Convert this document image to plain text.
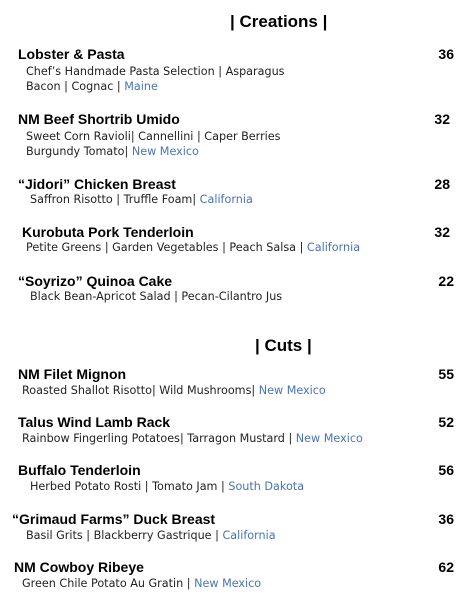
| Creations |
Lobster & Pasta	36
Chef’s Handmade Pasta Selection | Asparagus
Bacon | Cognac | Maine
NM Beef Shortrib Umido	32
Sweet Corn Ravioli| Cannellini | Caper Berries
Burgundy Tomato| New Mexico
“Jidori” Chicken Breast	28
Saffron Risotto | Truffle Foam| California
Kurobuta Pork Tenderloin	32
Petite Greens | Garden Vegetables | Peach Salsa | California
“Soyrizo” Quinoa Cake	22
Black Bean-Apricot Salad | Pecan-Cilantro Jus
| Cuts |
NM Filet Mignon	55
Roasted Shallot Risotto| Wild Mushrooms| New Mexico
Talus Wind Lamb Rack	52
Rainbow Fingerling Potatoes| Tarragon Mustard | New Mexico
Buffalo Tenderloin	56
Herbed Potato Rosti | Tomato Jam | South Dakota
“Grimaud Farms” Duck Breast	36
Basil Grits | Blackberry Gastrique | California
NM Cowboy Ribeye	62
Green Chile Potato Au Gratin | New Mexico
